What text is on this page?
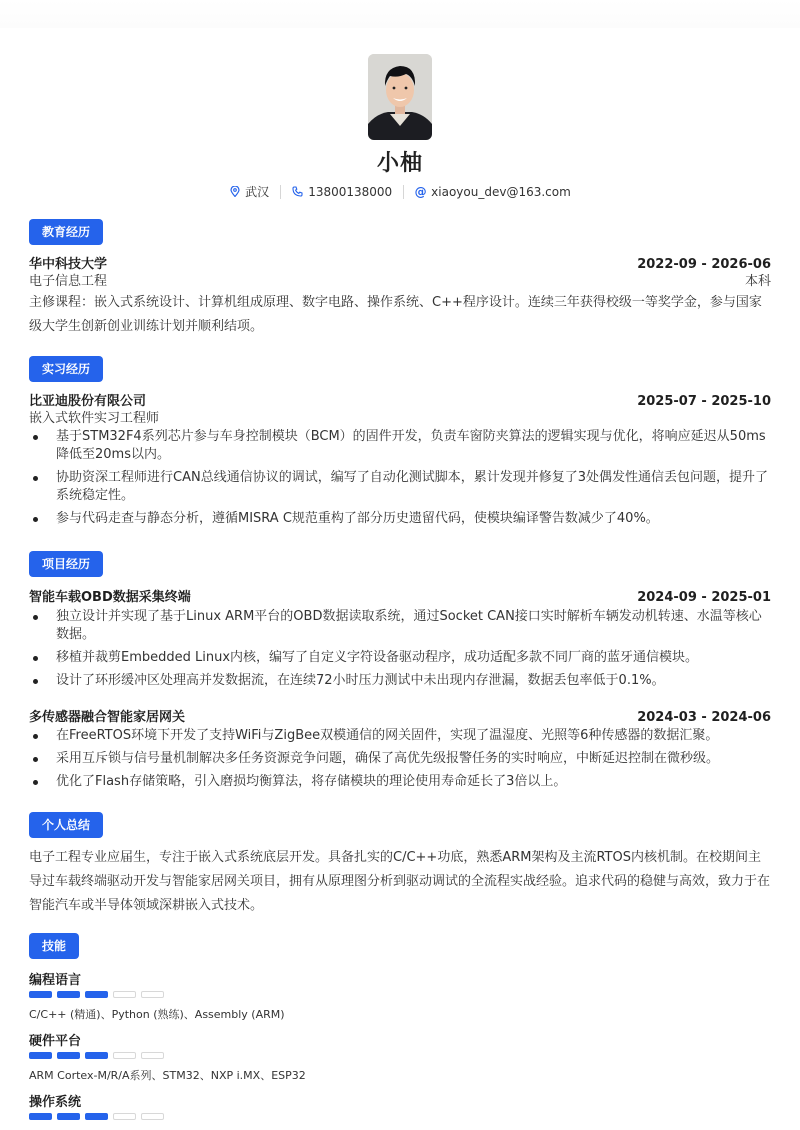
小柚
武汉	13800138000 @ xiaoyou_dev@163.com
教育经历
华中科技大学	2022-09 - 2026-06
电子信息工程	本科
主修课程：嵌入式系统设计、计算机组成原理、数字电路、操作系统、C++程序设计。连续三年获得校级一等奖学金，参与国家级大学生创新创业训练计划并顺利结项。
实习经历
比亚迪股份有限公司	2025-07 - 2025-10
嵌入式软件实习工程师
基于STM32F4系列芯片参与车身控制模块（BCM）的固件开发，负责车窗防夹算法的逻辑实现与优化，将响应延迟从50ms降低至20ms以内。
协助资深工程师进行CAN总线通信协议的调试，编写了自动化测试脚本，累计发现并修复了3处偶发性通信丢包问题，提升了系统稳定性。
参与代码走查与静态分析，遵循MISRA C规范重构了部分历史遗留代码，使模块编译警告数减少了40%。
项目经历
智能车载OBD数据采集终端	2024-09 - 2025-01
独立设计并实现了基于Linux ARM平台的OBD数据读取系统，通过Socket CAN接口实时解析车辆发动机转速、水温等核心数据。
移植并裁剪Embedded Linux内核，编写了自定义字符设备驱动程序，成功适配多款不同厂商的蓝牙通信模块。
设计了环形缓冲区处理高并发数据流，在连续72小时压力测试中未出现内存泄漏，数据丢包率低于0.1%。
多传感器融合智能家居网关	2024-03 - 2024-06
在FreeRTOS环境下开发了支持WiFi与ZigBee双模通信的网关固件，实现了温湿度、光照等6种传感器的数据汇聚。
采用互斥锁与信号量机制解决多任务资源竞争问题，确保了高优先级报警任务的实时响应，中断延迟控制在微秒级。
优化了Flash存储策略，引入磨损均衡算法，将存储模块的理论使用寿命延长了3倍以上。
个人总结
电子工程专业应届生，专注于嵌入式系统底层开发。具备扎实的C/C++功底，熟悉ARM架构及主流RTOS内核机制。在校期间主导过车载终端驱动开发与智能家居网关项目，拥有从原理图分析到驱动调试的全流程实战经验。追求代码的稳健与高效，致力于在智能汽车或半导体领域深耕嵌入式技术。
技能
编程语言
C/C++ (精通)、Python (熟练)、Assembly (ARM)
硬件平台
ARM Cortex-M/R/A系列、STM32、NXP i.MX、ESP32
操作系统
